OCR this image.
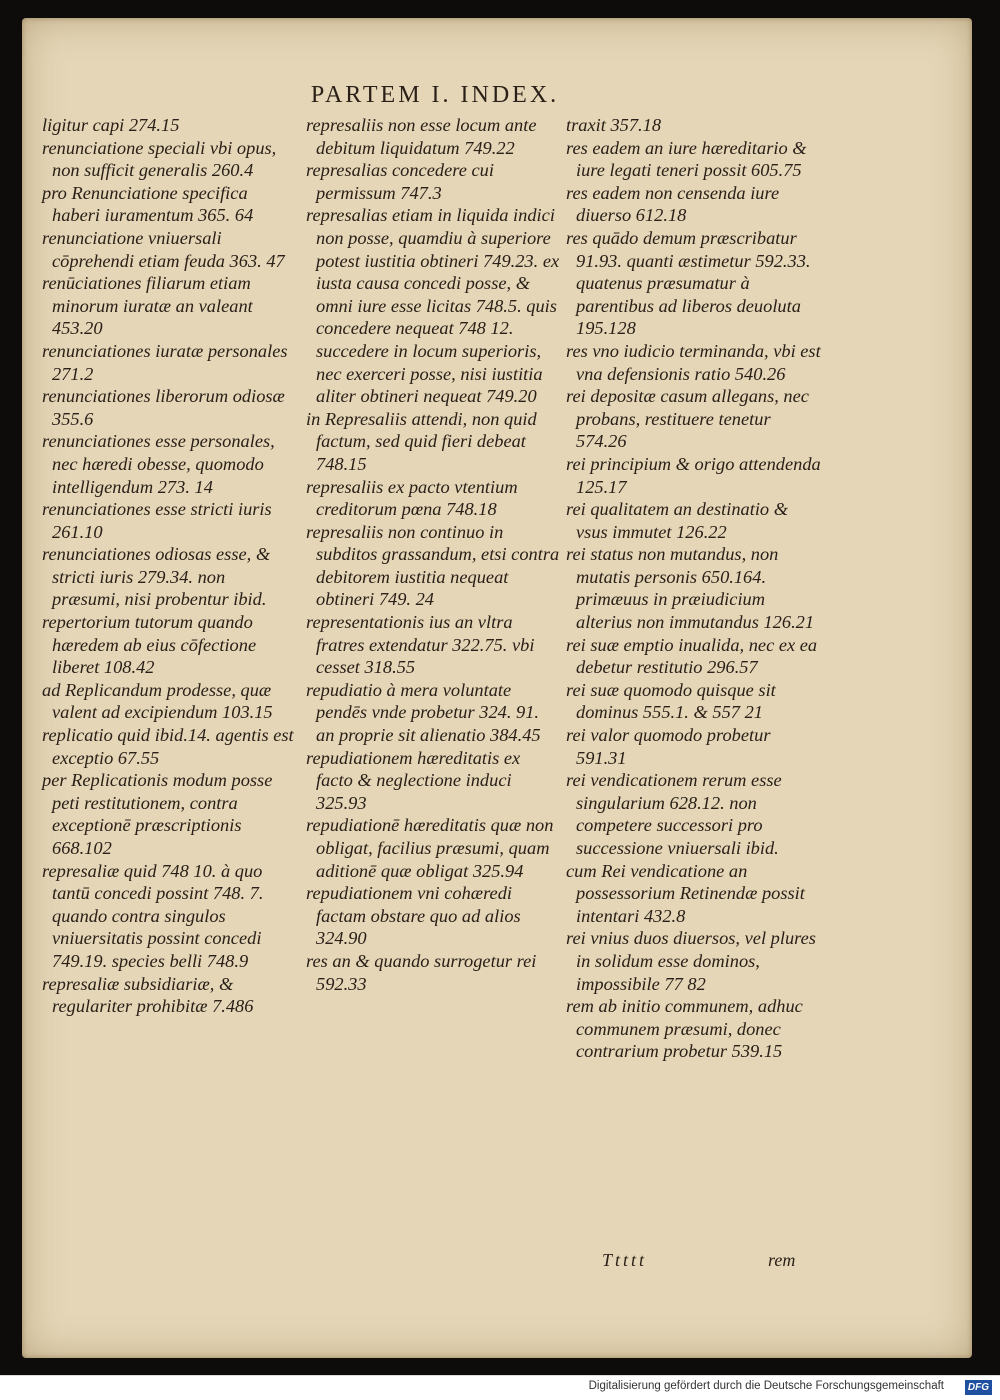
PARTEM I. INDEX.
ligitur capi 274.15
renunciatione speciali vbi opus, non sufficit generalis 260.4
pro Renunciatione specifica haberi iuramentum 365. 64
renunciatione vniuersali cōprehendi etiam feuda 363. 47
renūciationes filiarum etiam minorum iuratæ an valeant 453.20
renunciationes iuratæ personales 271.2
renunciationes liberorum odiosæ 355.6
renunciationes esse personales, nec hæredi obesse, quomodo intelligendum 273. 14
renunciationes esse stricti iuris 261.10
renunciationes odiosas esse, & stricti iuris 279.34. non præsumi, nisi probentur ibid.
repertorium tutorum quando hæredem ab eius cōfectione liberet 108.42
ad Replicandum prodesse, quæ valent ad excipiendum 103.15
replicatio quid ibid.14. agentis est exceptio 67.55
per Replicationis modum posse peti restitutionem, contra exceptionē præscriptionis 668.102
represaliæ quid 748 10. à quo tantū concedi possint 748. 7. quando contra singulos vniuersitatis possint concedi 749.19. species belli 748.9
represaliæ subsidiariæ, & regulariter prohibitæ 7.486
represaliis non esse locum ante debitum liquidatum 749.22
represalias concedere cui permissum 747.3
represalias etiam in liquida indici non posse, quamdiu à superiore potest iustitia obtineri 749.23. ex iusta causa concedi posse, & omni iure esse licitas 748.5. quis concedere nequeat 748 12. succedere in locum superioris, nec exerceri posse, nisi iustitia aliter obtineri nequeat 749.20
in Represaliis attendi, non quid factum, sed quid fieri debeat 748.15
represaliis ex pacto vtentium creditorum pœna 748.18
represaliis non continuo in subditos grassandum, etsi contra debitorem iustitia nequeat obtineri 749. 24
representationis ius an vltra fratres extendatur 322.75. vbi cesset 318.55
repudiatio à mera voluntate pendēs vnde probetur 324. 91. an proprie sit alienatio 384.45
repudiationem hæreditatis ex facto & neglectione induci 325.93
repudiationē hæreditatis quæ non obligat, facilius præsumi, quam aditionē quæ obligat 325.94
repudiationem vni cohæredi factam obstare quo ad alios 324.90
res an & quando surrogetur rei 592.33
traxit 357.18
res eadem an iure hæreditario & iure legati teneri possit 605.75
res eadem non censenda iure diuerso 612.18
res quādo demum præscribatur 91.93. quanti æstimetur 592.33. quatenus præsumatur à parentibus ad liberos deuoluta 195.128
res vno iudicio terminanda, vbi est vna defensionis ratio 540.26
rei depositæ casum allegans, nec probans, restituere tenetur 574.26
rei principium & origo attendenda 125.17
rei qualitatem an destinatio & vsus immutet 126.22
rei status non mutandus, non mutatis personis 650.164. primæuus in præiudicium alterius non immutandus 126.21
rei suæ emptio inualida, nec ex ea debetur restitutio 296.57
rei suæ quomodo quisque sit dominus 555.1. & 557 21
rei valor quomodo probetur 591.31
rei vendicationem rerum esse singularium 628.12. non competere successori pro successione vniuersali ibid.
cum Rei vendicatione an possessorium Retinendæ possit intentari 432.8
rei vnius duos diuersos, vel plures in solidum esse dominos, impossibile 77 82
rem ab initio communem, adhuc communem præsumi, donec contrarium probetur 539.15
Ttttt	rem
Digitalisierung gefördert durch die Deutsche Forschungsgemeinschaft	DFG
